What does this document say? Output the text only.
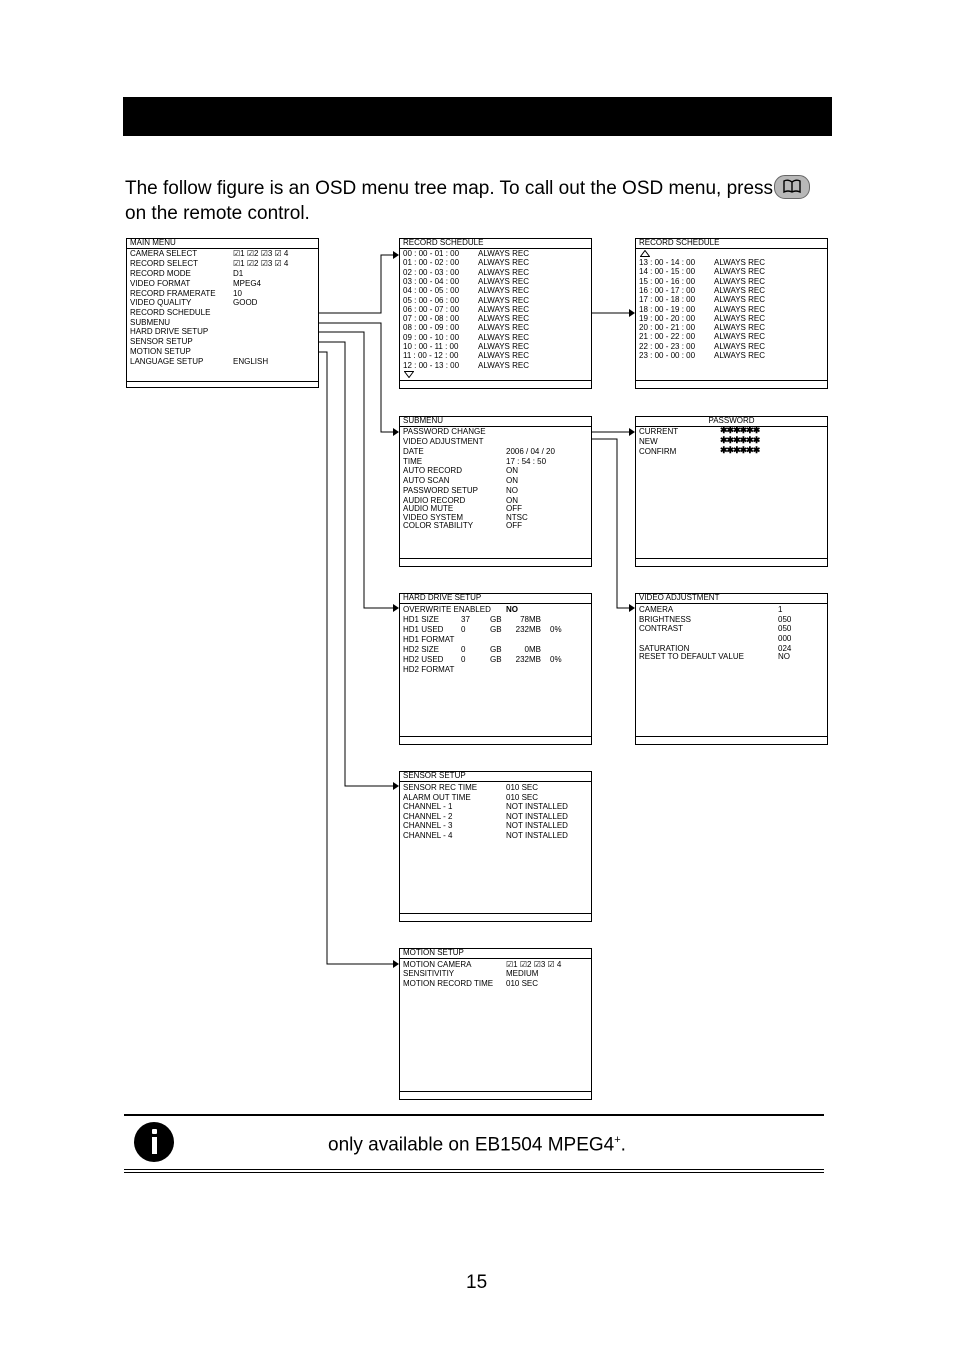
The follow figure is an OSD menu tree map. To call out the OSD menu, press
on the remote control.
MAIN MENU
CAMERA SELECT	☑1 ☑2 ☑3 ☑ 4
RECORD SELECT	☑1 ☑2 ☑3 ☑ 4
RECORD MODE	D1
VIDEO FORMAT	MPEG4
RECORD FRAMERATE 10
VIDEO QUALITY	GOOD
RECORD SCHEDULE
SUBMENU
HARD DRIVE SETUP
SENSOR SETUP
MOTION SETUP
LANGUAGE SETUP	ENGLISH
RECORD SCHEDULE
00 : 00 - 01 : 00 ALWAYS REC
01 : 00 - 02 : 00 ALWAYS REC
02 : 00 - 03 : 00 ALWAYS REC
03 : 00 - 04 : 00 ALWAYS REC
04 : 00 - 05 : 00 ALWAYS REC
05 : 00 - 06 : 00 ALWAYS REC
06 : 00 - 07 : 00 ALWAYS REC
07 : 00 - 08 : 00 ALWAYS REC
08 : 00 - 09 : 00 ALWAYS REC
09 : 00 - 10 : 00 ALWAYS REC
10 : 00 - 11 : 00 ALWAYS REC
11 : 00 - 12 : 00 ALWAYS REC
12 : 00 - 13 : 00 ALWAYS REC
RECORD SCHEDULE
13 : 00 - 14 : 00 ALWAYS REC
14 : 00 - 15 : 00 ALWAYS REC
15 : 00 - 16 : 00 ALWAYS REC
16 : 00 - 17 : 00 ALWAYS REC
17 : 00 - 18 : 00 ALWAYS REC
18 : 00 - 19 : 00 ALWAYS REC
19 : 00 - 20 : 00 ALWAYS REC
20 : 00 - 21 : 00 ALWAYS REC
21 : 00 - 22 : 00 ALWAYS REC
22 : 00 - 23 : 00 ALWAYS REC
23 : 00 - 00 : 00 ALWAYS REC
SUBMENU
PASSWORD CHANGE
VIDEO ADJUSTMENT
DATE	2006 / 04 / 20
TIME	17 : 54 : 50
AUTO RECORD	ON
AUTO SCAN	ON
PASSWORD SETUP	NO
AUDIO RECORD	ON
AUDIO MUTE	OFF
VIDEO SYSTEM	NTSC
COLOR STABILITY	OFF
PASSWORD
CURRENT	✱✱✱✱✱✱
NEW	✱✱✱✱✱✱
CONFIRM	✱✱✱✱✱✱
HARD DRIVE SETUP
OVERWRITE ENABLED NO
HD1 SIZE	37	GB 78MB
HD1 USED 0	GB 232MB 0%
HD1 FORMAT
HD2 SIZE	0	GB	0MB
HD2 USED 0	GB 232MB 0%
HD2 FORMAT
VIDEO ADJUSTMENT
CAMERA	1
BRIGHTNESS	050
CONTRAST	050
000
SATURATION	024
RESET TO DEFAULT VALUE	NO
SENSOR SETUP
SENSOR REC TIME	010 SEC
ALARM OUT TIME	010 SEC
CHANNEL - 1	NOT INSTALLED
CHANNEL - 2	NOT INSTALLED
CHANNEL - 3	NOT INSTALLED
CHANNEL - 4	NOT INSTALLED
MOTION SETUP
MOTION CAMERA	☑1 ☑2 ☑3 ☑ 4
SENSITIVITIY	MEDIUM
MOTION RECORD TIME 010 SEC
only available on EB1504 MPEG4+.
15
